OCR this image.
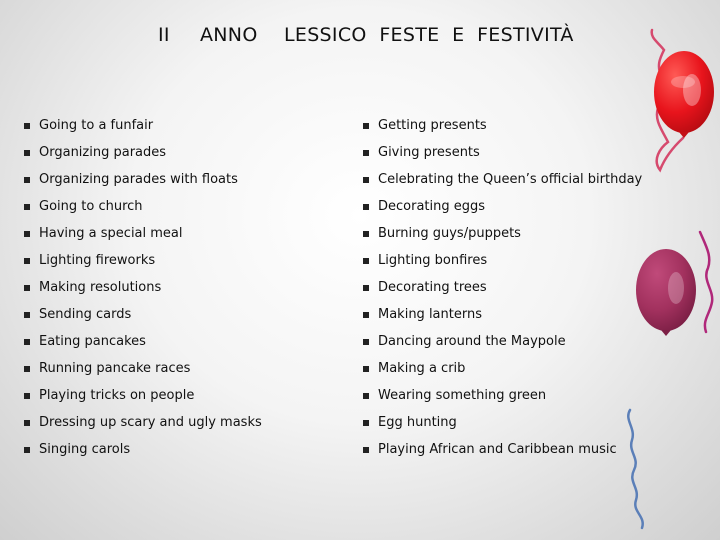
II	ANNO	LESSICO  FESTE  E  FESTIVITÀ
Going to a funfair
Organizing parades
Organizing parades with floats
Going to church
Having a special meal
Lighting fireworks
Making resolutions
Sending cards
Eating pancakes
Running pancake races
Playing tricks on people
Dressing up scary and ugly masks
Singing carols
Getting presents
Giving presents
Celebrating the Queen’s official birthday
Decorating eggs
Burning guys/puppets
Lighting bonfires
Decorating trees
Making lanterns
Dancing around the Maypole
Making a crib
Wearing something green
Egg hunting
Playing African and Caribbean music
